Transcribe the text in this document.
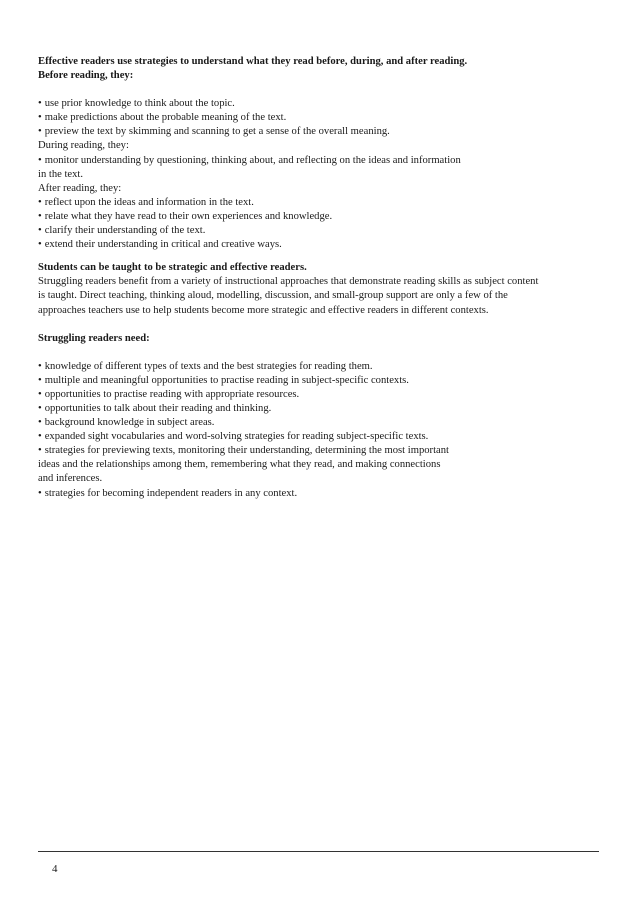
Effective readers use strategies to understand what they read before, during, and after reading.
Before reading, they:
• use prior knowledge to think about the topic.
• make predictions about the probable meaning of the text.
• preview the text by skimming and scanning to get a sense of the overall meaning.
During reading, they:
• monitor understanding by questioning, thinking about, and reflecting on the ideas and information
in the text.
After reading, they:
• reflect upon the ideas and information in the text.
• relate what they have read to their own experiences and knowledge.
• clarify their understanding of the text.
• extend their understanding in critical and creative ways.
Students can be taught to be strategic and effective readers.
Struggling readers benefit from a variety of instructional approaches that demonstrate reading skills as subject content
is taught. Direct teaching, thinking aloud, modelling, discussion, and small-group support are only a few of the
approaches teachers use to help students become more strategic and effective readers in different contexts.
Struggling readers need:
• knowledge of different types of texts and the best strategies for reading them.
• multiple and meaningful opportunities to practise reading in subject-specific contexts.
• opportunities to practise reading with appropriate resources.
• opportunities to talk about their reading and thinking.
• background knowledge in subject areas.
• expanded sight vocabularies and word-solving strategies for reading subject-specific texts.
• strategies for previewing texts, monitoring their understanding, determining the most important
ideas and the relationships among them, remembering what they read, and making connections
and inferences.
• strategies for becoming independent readers in any context.
4
